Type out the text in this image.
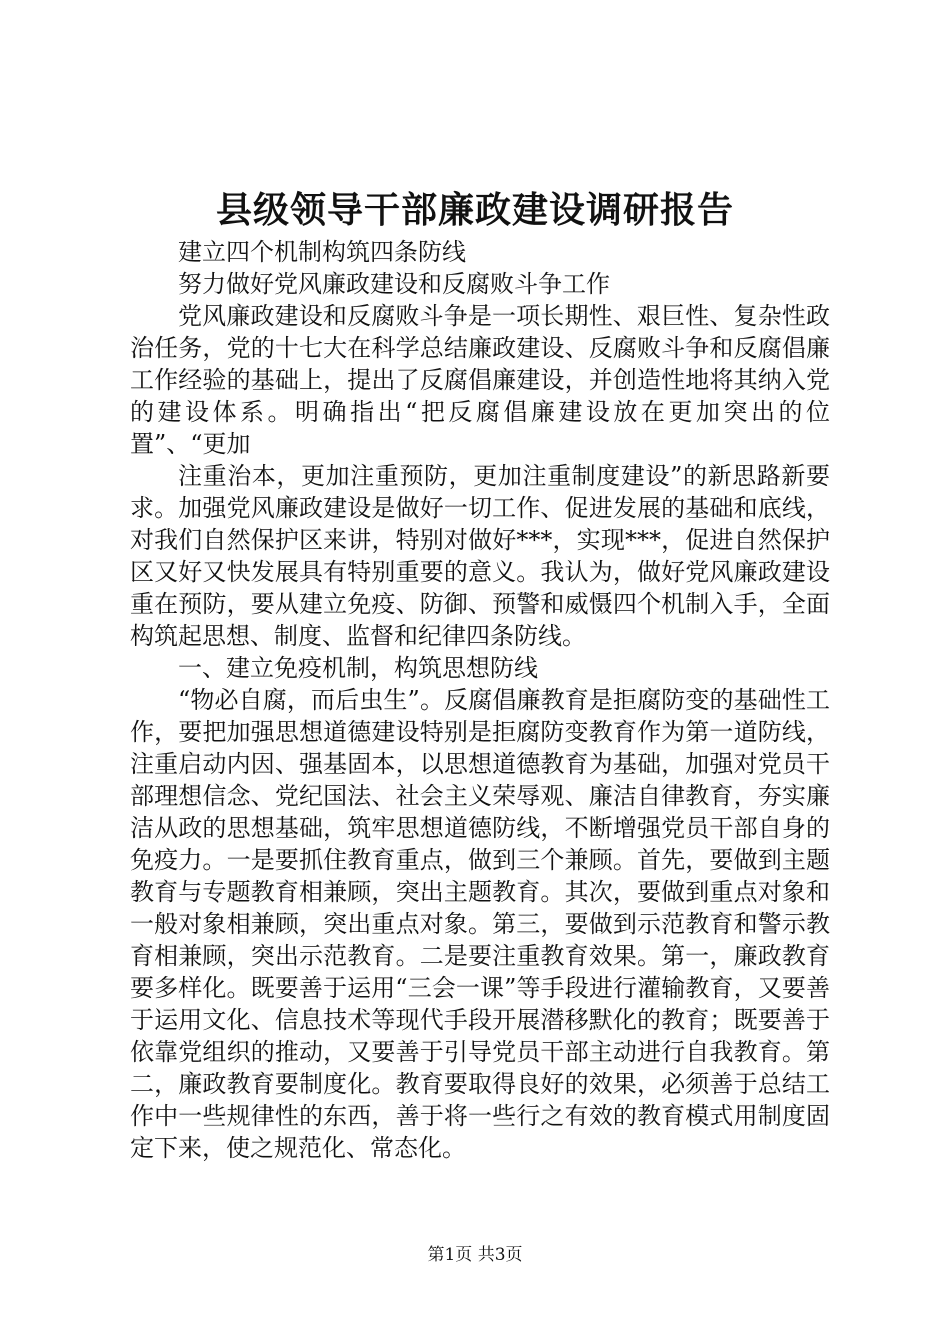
县级领导干部廉政建设调研报告

建立四个机制构筑四条防线

努力做好党风廉政建设和反腐败斗争工作

党风廉政建设和反腐败斗争是一项长期性、艰巨性、复杂性政治任务，党的十七大在科学总结廉政建设、反腐败斗争和反腐倡廉工作经验的基础上，提出了反腐倡廉建设，并创造性地将其纳入党的建设体系。明确指出“把反腐倡廉建设放在更加突出的位置”、“更加

注重治本，更加注重预防，更加注重制度建设”的新思路新要求。加强党风廉政建设是做好一切工作、促进发展的基础和底线，对我们自然保护区来讲，特别对做好***，实现***，促进自然保护区又好又快发展具有特别重要的意义。我认为，做好党风廉政建设重在预防，要从建立免疫、防御、预警和威慑四个机制入手，全面构筑起思想、制度、监督和纪律四条防线。

一、建立免疫机制，构筑思想防线

“物必自腐，而后虫生”。反腐倡廉教育是拒腐防变的基础性工作，要把加强思想道德建设特别是拒腐防变教育作为第一道防线，注重启动内因、强基固本，以思想道德教育为基础，加强对党员干部理想信念、党纪国法、社会主义荣辱观、廉洁自律教育，夯实廉洁从政的思想基础，筑牢思想道德防线，不断增强党员干部自身的免疫力。一是要抓住教育重点，做到三个兼顾。首先，要做到主题教育与专题教育相兼顾，突出主题教育。其次，要做到重点对象和一般对象相兼顾，突出重点对象。第三，要做到示范教育和警示教育相兼顾，突出示范教育。二是要注重教育效果。第一，廉政教育要多样化。既要善于运用“三会一课”等手段进行灌输教育，又要善于运用文化、信息技术等现代手段开展潜移默化的教育；既要善于依靠党组织的推动，又要善于引导党员干部主动进行自我教育。第二，廉政教育要制度化。教育要取得良好的效果，必须善于总结工作中一些规律性的东西，善于将一些行之有效的教育模式用制度固定下来，使之规范化、常态化。

第1页 共3页
